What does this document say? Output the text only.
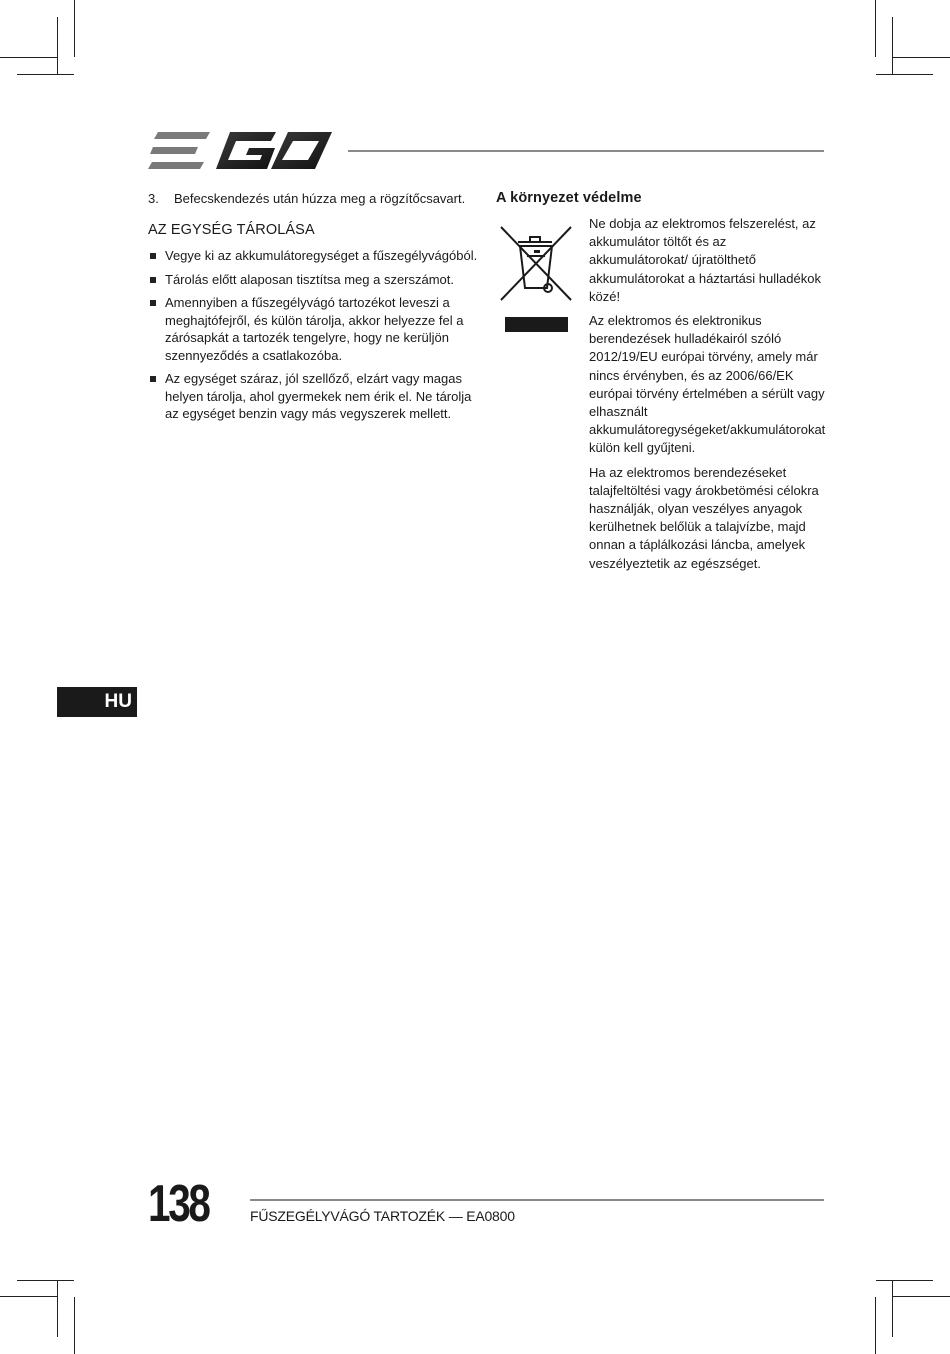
3.	Befecskendezés után húzza meg a rögzítőcsavart.
AZ EGYSÉG TÁROLÁSA
Vegye ki az akkumulátoregységet a fűszegélyvágóból.
Tárolás előtt alaposan tisztítsa meg a szerszámot.
Amennyiben a fűszegélyvágó tartozékot leveszi a meghajtófejről, és külön tárolja, akkor helyezze fel a zárósapkát a tartozék tengelyre, hogy ne kerüljön szennyeződés a csatlakozóba.
Az egységet száraz, jól szellőző, elzárt vagy magas helyen tárolja, ahol gyermekek nem érik el. Ne tárolja az egységet benzin vagy más vegyszerek mellett.
A környezet védelme

Ne dobja az elektromos felszerelést, az akkumulátor töltőt és az akkumulátorokat/ újratölthető akkumulátorokat a háztartási hulladékok közé!

Az elektromos és elektronikus berendezések hulladékairól szóló 2012/19/EU európai törvény, amely már nincs érvényben, és az 2006/66/EK európai törvény értelmében a sérült vagy elhasznált akkumulátoregységeket/akkumulátorokat külön kell gyűjteni.

Ha az elektromos berendezéseket talajfeltöltési vagy árokbetömési célokra használják, olyan veszélyes anyagok kerülhetnek belőlük a talajvízbe, majd onnan a táplálkozási láncba, amelyek veszélyeztetik az egészséget.

HU
138	FŰSZEGÉLYVÁGÓ TARTOZÉK — EA0800
